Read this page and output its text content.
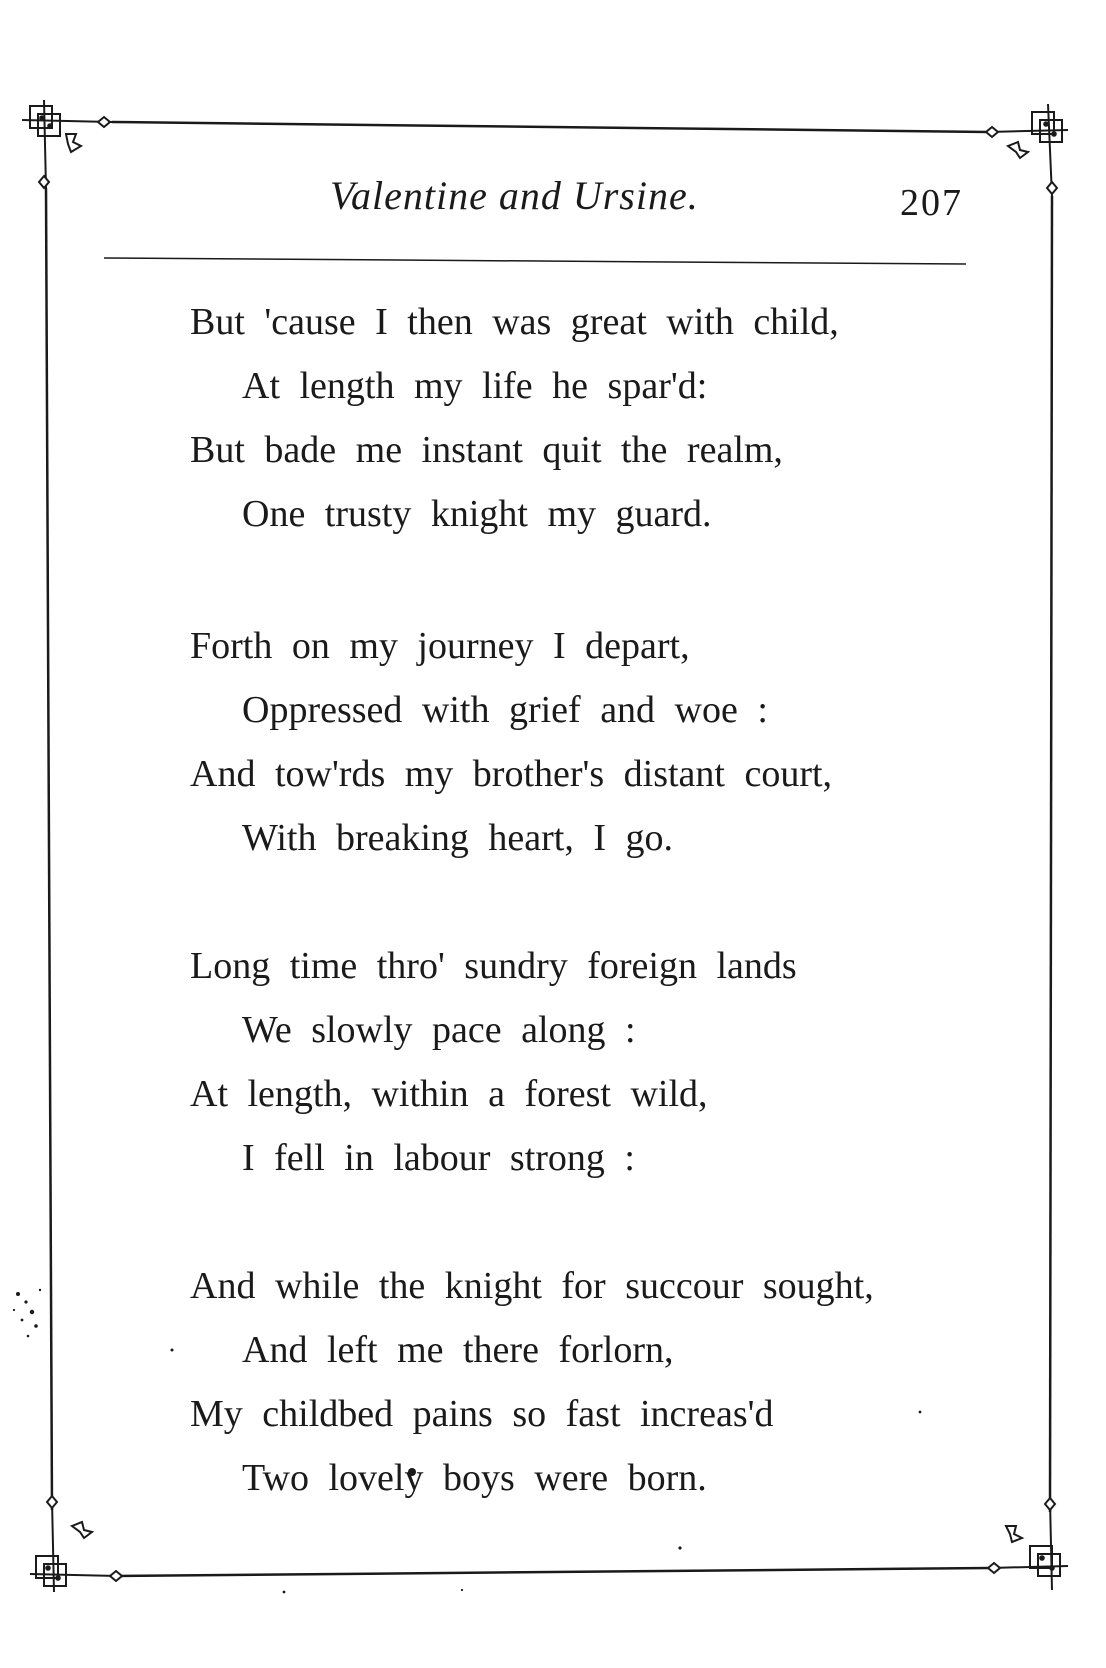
Valentine and Ursine.	207
But 'cause I then was great with child,
At length my life he spar'd:
But bade me instant quit the realm,
One trusty knight my guard.
Forth on my journey I depart,
Oppressed with grief and woe :
And tow'rds my brother's distant court,
With breaking heart, I go.
Long time thro' sundry foreign lands
We slowly pace along :
At length, within a forest wild,
I fell in labour strong :
And while the knight for succour sought,
And left me there forlorn,
My childbed pains so fast increas'd
Two lovely boys were born.
